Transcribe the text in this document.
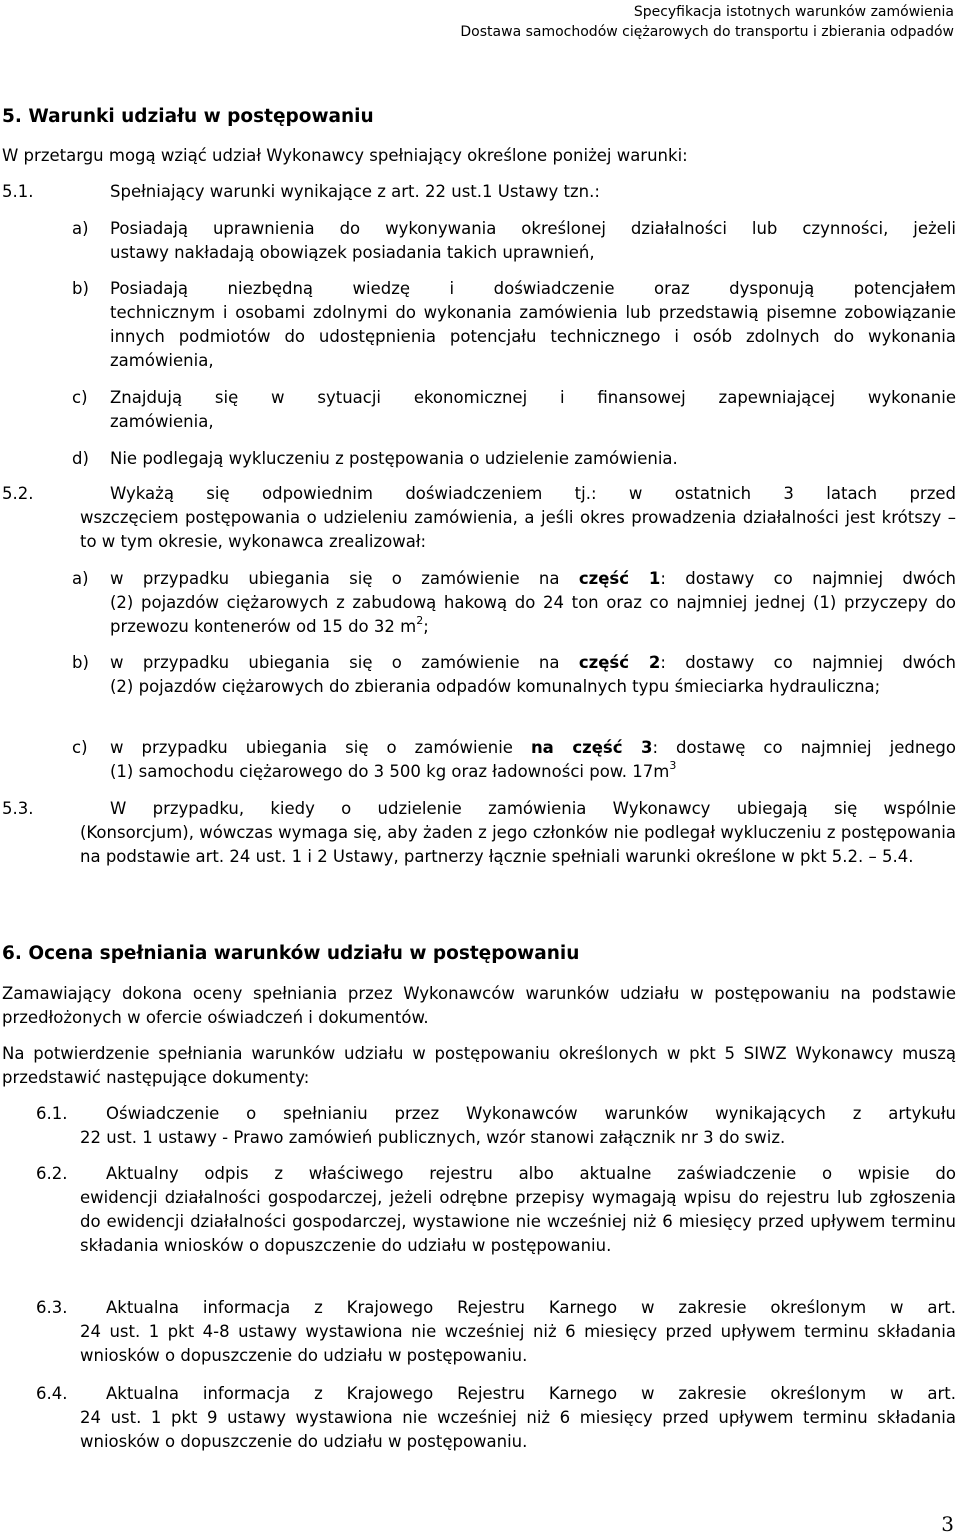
Specyfikacja istotnych warunków zamówienia
Dostawa samochodów ciężarowych do transportu i zbierania odpadów
5. Warunki udziału w postępowaniu
W przetargu mogą wziąć udział Wykonawcy spełniający określone poniżej warunki:
5.1.	Spełniający warunki wynikające z art. 22 ust.1 Ustawy tzn.:
a) Posiadają uprawnienia do wykonywania określonej działalności lub czynności, jeżeli
ustawy nakładają obowiązek posiadania takich uprawnień,
b) Posiadają niezbędną wiedzę i doświadczenie oraz dysponują potencjałem
technicznym i osobami zdolnymi do wykonania zamówienia lub przedstawią pisemne zobowiązanie innych podmiotów do udostępnienia potencjału technicznego i osób zdolnych do wykonania zamówienia,
c) Znajdują się w sytuacji ekonomicznej i finansowej zapewniającej wykonanie
zamówienia,
d) Nie podlegają wykluczeniu z postępowania o udzielenie zamówienia.
5.2.	Wykażą się odpowiednim doświadczeniem tj.: w ostatnich 3 latach przed
wszczęciem postępowania o udzieleniu zamówienia, a jeśli okres prowadzenia działalności jest krótszy – to w tym okresie, wykonawca zrealizował:
a) w przypadku ubiegania się o zamówienie na część 1: dostawy co najmniej dwóch
(2) pojazdów ciężarowych z zabudową hakową do 24 ton oraz co najmniej jednej (1) przyczepy do przewozu kontenerów od 15 do 32 $m^2$;
b) w przypadku ubiegania się o zamówienie na część 2: dostawy co najmniej dwóch
(2) pojazdów ciężarowych do zbierania odpadów komunalnych typu śmieciarka hydrauliczna;
c) w przypadku ubiegania się o zamówienie na część 3: dostawę co najmniej jednego
(1) samochodu ciężarowego do 3 500 kg oraz ładowności pow. $17m^3$
5.3.	W przypadku, kiedy o udzielenie zamówienia Wykonawcy ubiegają się wspólnie
(Konsorcjum), wówczas wymaga się, aby żaden z jego członków nie podlegał wykluczeniu z postępowania na podstawie art. 24 ust. 1 i 2 Ustawy, partnerzy łącznie spełniali warunki określone w pkt 5.2. – 5.4.
6. Ocena spełniania warunków udziału w postępowaniu
Zamawiający dokona oceny spełniania przez Wykonawców warunków udziału w postępowaniu na podstawie przedłożonych w ofercie oświadczeń i dokumentów.
Na potwierdzenie spełniania warunków udziału w postępowaniu określonych w pkt 5 SIWZ Wykonawcy muszą przedstawić następujące dokumenty:
6.1.	Oświadczenie o spełnianiu przez Wykonawców warunków wynikających z artykułu
22 ust. 1 ustawy - Prawo zamówień publicznych, wzór stanowi załącznik nr 3 do swiz.
6.2.	Aktualny odpis z właściwego rejestru albo aktualne zaświadczenie o wpisie do
ewidencji działalności gospodarczej, jeżeli odrębne przepisy wymagają wpisu do rejestru lub zgłoszenia do ewidencji działalności gospodarczej, wystawione nie wcześniej niż 6 miesięcy przed upływem terminu składania wniosków o dopuszczenie do udziału w postępowaniu.
6.3.	Aktualna informacja z Krajowego Rejestru Karnego w zakresie określonym w art.
24 ust. 1 pkt 4-8 ustawy wystawiona nie wcześniej niż 6 miesięcy przed upływem terminu składania wniosków o dopuszczenie do udziału w postępowaniu.
6.4.	Aktualna informacja z Krajowego Rejestru Karnego w zakresie określonym w art.
24 ust. 1 pkt 9 ustawy wystawiona nie wcześniej niż 6 miesięcy przed upływem terminu składania wniosków o dopuszczenie do udziału w postępowaniu.
3
